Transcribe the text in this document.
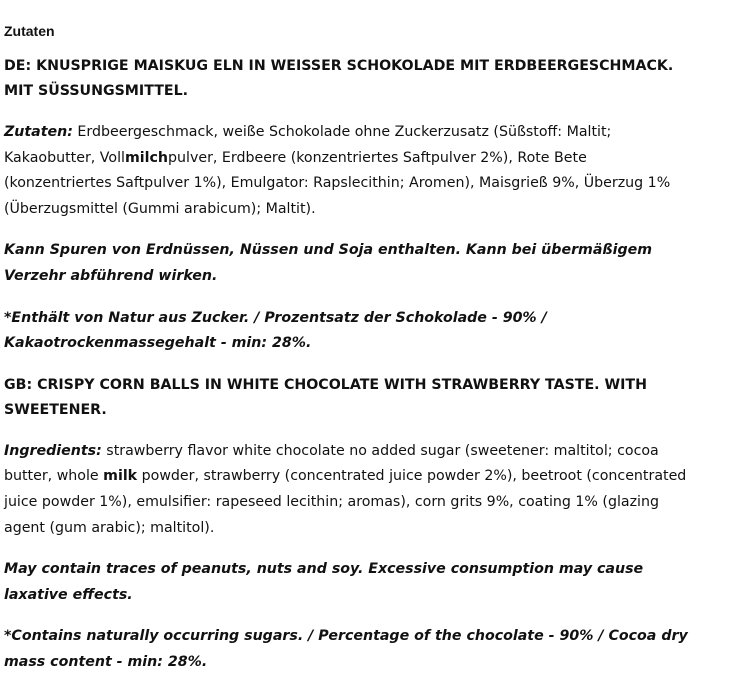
Zutaten
DE: KNUSPRIGE MAISKUG ELN IN WEISSER SCHOKOLADE MIT ERDBEERGESCHMACK.
MIT SÜSSUNGSMITTEL.

Zutaten: Erdbeergeschmack, weiße Schokolade ohne Zuckerzusatz (Süßstoff: Maltit; Kakaobutter, Vollmilchpulver, Erdbeere (konzentriertes Saftpulver 2%), Rote Bete (konzentriertes Saftpulver 1%), Emulgator: Rapslecithin; Aromen), Maisgrieß 9%, Überzug 1% (Überzugsmittel (Gummi arabicum); Maltit).

Kann Spuren von Erdnüssen, Nüssen und Soja enthalten. Kann bei übermäßigem Verzehr abführend wirken.

*Enthält von Natur aus Zucker. / Prozentsatz der Schokolade - 90% / Kakaotrockenmassegehalt - min: 28%.

GB: CRISPY CORN BALLS IN WHITE CHOCOLATE WITH STRAWBERRY TASTE. WITH
SWEETENER.

Ingredients: strawberry flavor white chocolate no added sugar (sweetener: maltitol; cocoa butter, whole milk powder, strawberry (concentrated juice powder 2%), beetroot (concentrated juice powder 1%), emulsifier: rapeseed lecithin; aromas), corn grits 9%, coating 1% (glazing agent (gum arabic); maltitol).

May contain traces of peanuts, nuts and soy. Excessive consumption may cause laxative effects.

*Contains naturally occurring sugars. / Percentage of the chocolate - 90% / Cocoa dry mass content - min: 28%.
